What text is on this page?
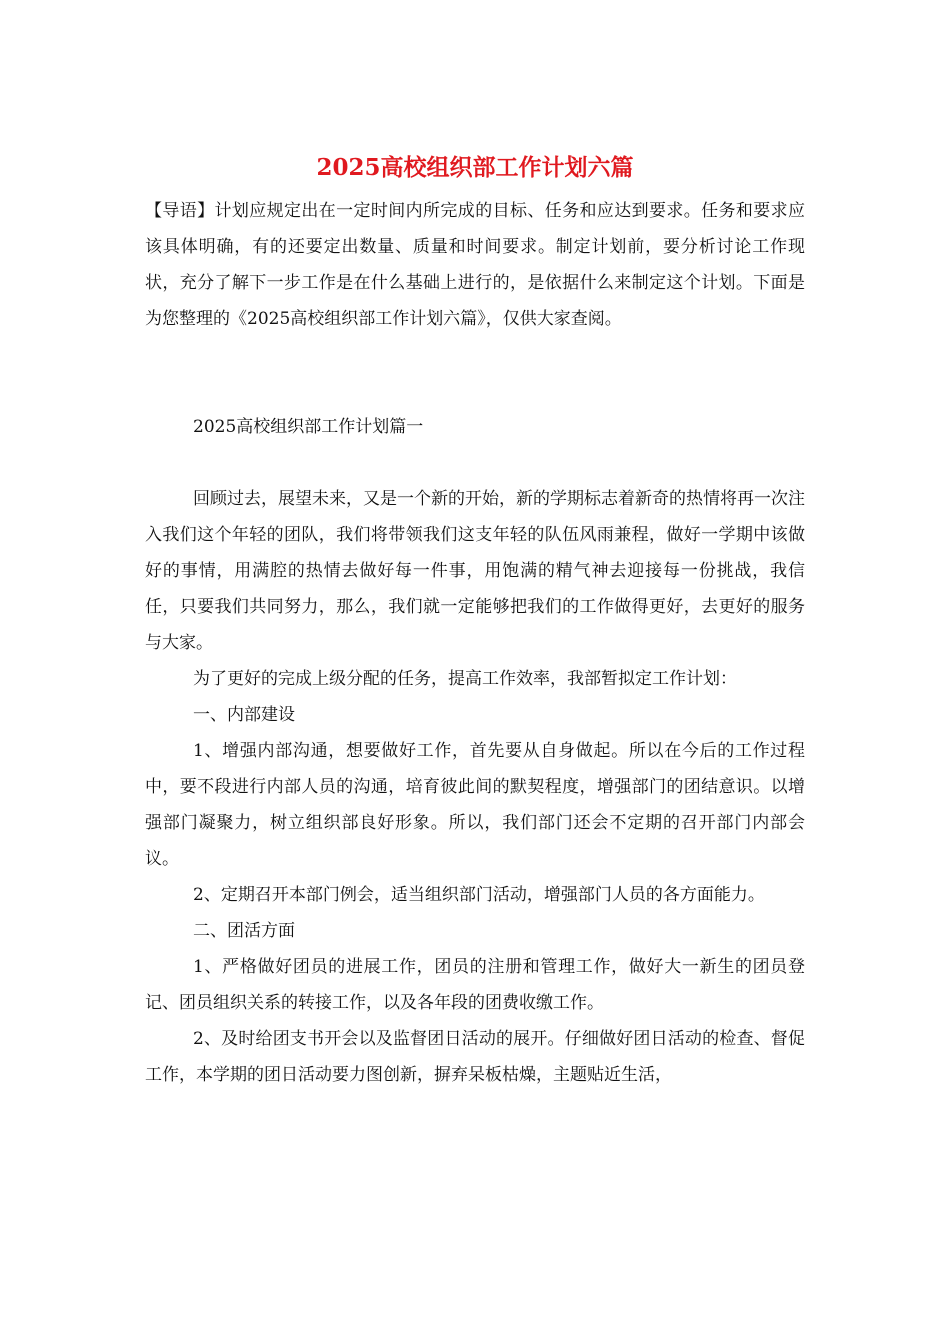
2025高校组织部工作计划六篇

【导语】计划应规定出在一定时间内所完成的目标、任务和应达到要求。任务和要求应该具体明确，有的还要定出数量、质量和时间要求。制定计划前，要分析讨论工作现状，充分了解下一步工作是在什么基础上进行的，是依据什么来制定这个计划。下面是为您整理的《2025高校组织部工作计划六篇》，仅供大家查阅。

2025高校组织部工作计划篇一

回顾过去，展望未来，又是一个新的开始，新的学期标志着新奇的热情将再一次注入我们这个年轻的团队，我们将带领我们这支年轻的队伍风雨兼程，做好一学期中该做好的事情，用满腔的热情去做好每一件事，用饱满的精气神去迎接每一份挑战，我信任，只要我们共同努力，那么，我们就一定能够把我们的工作做得更好，去更好的服务与大家。

为了更好的完成上级分配的任务，提高工作效率，我部暂拟定工作计划：

一、内部建设

1、增强内部沟通，想要做好工作，首先要从自身做起。所以在今后的工作过程中，要不段进行内部人员的沟通，培育彼此间的默契程度，增强部门的团结意识。以增强部门凝聚力，树立组织部良好形象。所以，我们部门还会不定期的召开部门内部会议。

2、定期召开本部门例会，适当组织部门活动，增强部门人员的各方面能力。

二、团活方面

1、严格做好团员的进展工作，团员的注册和管理工作，做好大一新生的团员登记、团员组织关系的转接工作，以及各年段的团费收缴工作。

2、及时给团支书开会以及监督团日活动的展开。仔细做好团日活动的检查、督促工作，本学期的团日活动要力图创新，摒弃呆板枯燥，主题贴近生活，
